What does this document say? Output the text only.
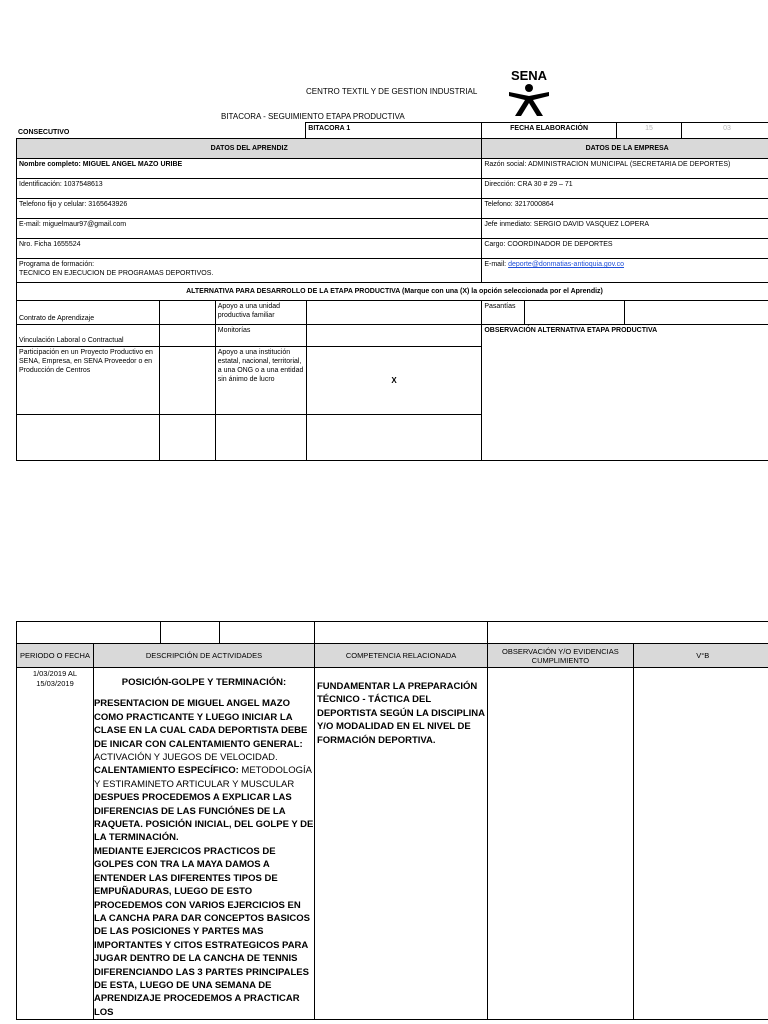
CENTRO TEXTIL Y DE GESTION INDUSTRIAL
BITACORA - SEGUIMIENTO ETAPA PRODUCTIVA
SENA
CONSECUTIVO	BITACORA 1	FECHA ELABORACIÓN	15	03
DATOS DEL APRENDIZ				DATOS DE LA EMPRESA		
Nombre completo: MIGUEL ANGEL MAZO URIBE				Razón social: ADMINISTRACION MUNICIPAL (SECRETARIA DE DEPORTES)		
Identificación: 1037548613				Dirección: CRA 30 # 29 – 71		
Telefono fijo y celular: 3165643926				Telefono: 3217000864		
E-mail: miguelmaur97@gmail.com				Jefe inmediato: SERGIO DAVID VASQUEZ LOPERA		
Nro. Ficha 1655524				Cargo: COORDINADOR DE DEPORTES		
Programa de formación:
TECNICO EN EJECUCION DE PROGRAMAS DEPORTIVOS.				E-mail: deporte@donmatias-antioquia.gov.co		
ALTERNATIVA PARA DESARROLLO DE LA ETAPA PRODUCTIVA (Marque con una (X) la opción seleccionada por el Aprendiz)						
Contrato de Aprendizaje		Apoyo a una unidad productiva familiar		Pasantías		
Vinculación Laboral o Contractual		Monitorías		OBSERVACIÓN ALTERNATIVA ETAPA PRODUCTIVA		
Participación en un Proyecto Productivo en SENA, Empresa, en SENA Proveedor o en Producción de Centros		Apoyo a una institución estatal, nacional, territorial, a una ONG o a una entidad sin ánimo de lucro	X			

PERIODO O FECHA	DESCRIPCIÓN DE ACTIVIDADES			COMPETENCIA RELACIONADA	OBSERVACIÓN Y/O EVIDENCIAS CUMPLIMIENTO	V°B
1/03/2019 AL 15/03/2019	POSICIÓN-GOLPE Y TERMINACIÓN:
PRESENTACION DE MIGUEL ANGEL MAZO COMO PRACTICANTE Y LUEGO INICIAR LA CLASE EN LA CUAL CADA DEPORTISTA DEBE DE INICAR CON CALENTAMIENTO GENERAL: ACTIVACIÓN Y JUEGOS DE VELOCIDAD.
CALENTAMIENTO ESPECÍFICO: METODOLOGÍA Y ESTIRAMINETO ARTICULAR Y MUSCULAR
DESPUES PROCEDEMOS A EXPLICAR LAS DIFERENCIAS DE LAS FUNCIÓNES DE LA RAQUETA. POSICIÓN INICIAL, DEL GOLPE Y DE LA TERMINACIÓN.
MEDIANTE EJERCICOS PRACTICOS DE GOLPES CON TRA LA MAYA DAMOS A ENTENDER LAS DIFERENTES TIPOS DE EMPUÑADURAS, LUEGO DE ESTO PROCEDEMOS CON VARIOS EJERCICIOS EN LA CANCHA PARA DAR CONCEPTOS BASICOS DE LAS POSICIONES Y PARTES MAS IMPORTANTES Y CITOS ESTRATEGICOS PARA JUGAR DENTRO DE LA CANCHA DE TENNIS DIFERENCIANDO LAS 3 PARTES PRINCIPALES DE ESTA, LUEGO DE UNA SEMANA DE APRENDIZAJE PROCEDEMOS A PRACTICAR LOS			FUNDAMENTAR LA PREPARACIÓN TÉCNICO - TÁCTICA DEL DEPORTISTA SEGÚN LA DISCIPLINA Y/O MODALIDAD EN EL NIVEL DE FORMACIÓN DEPORTIVA.		
